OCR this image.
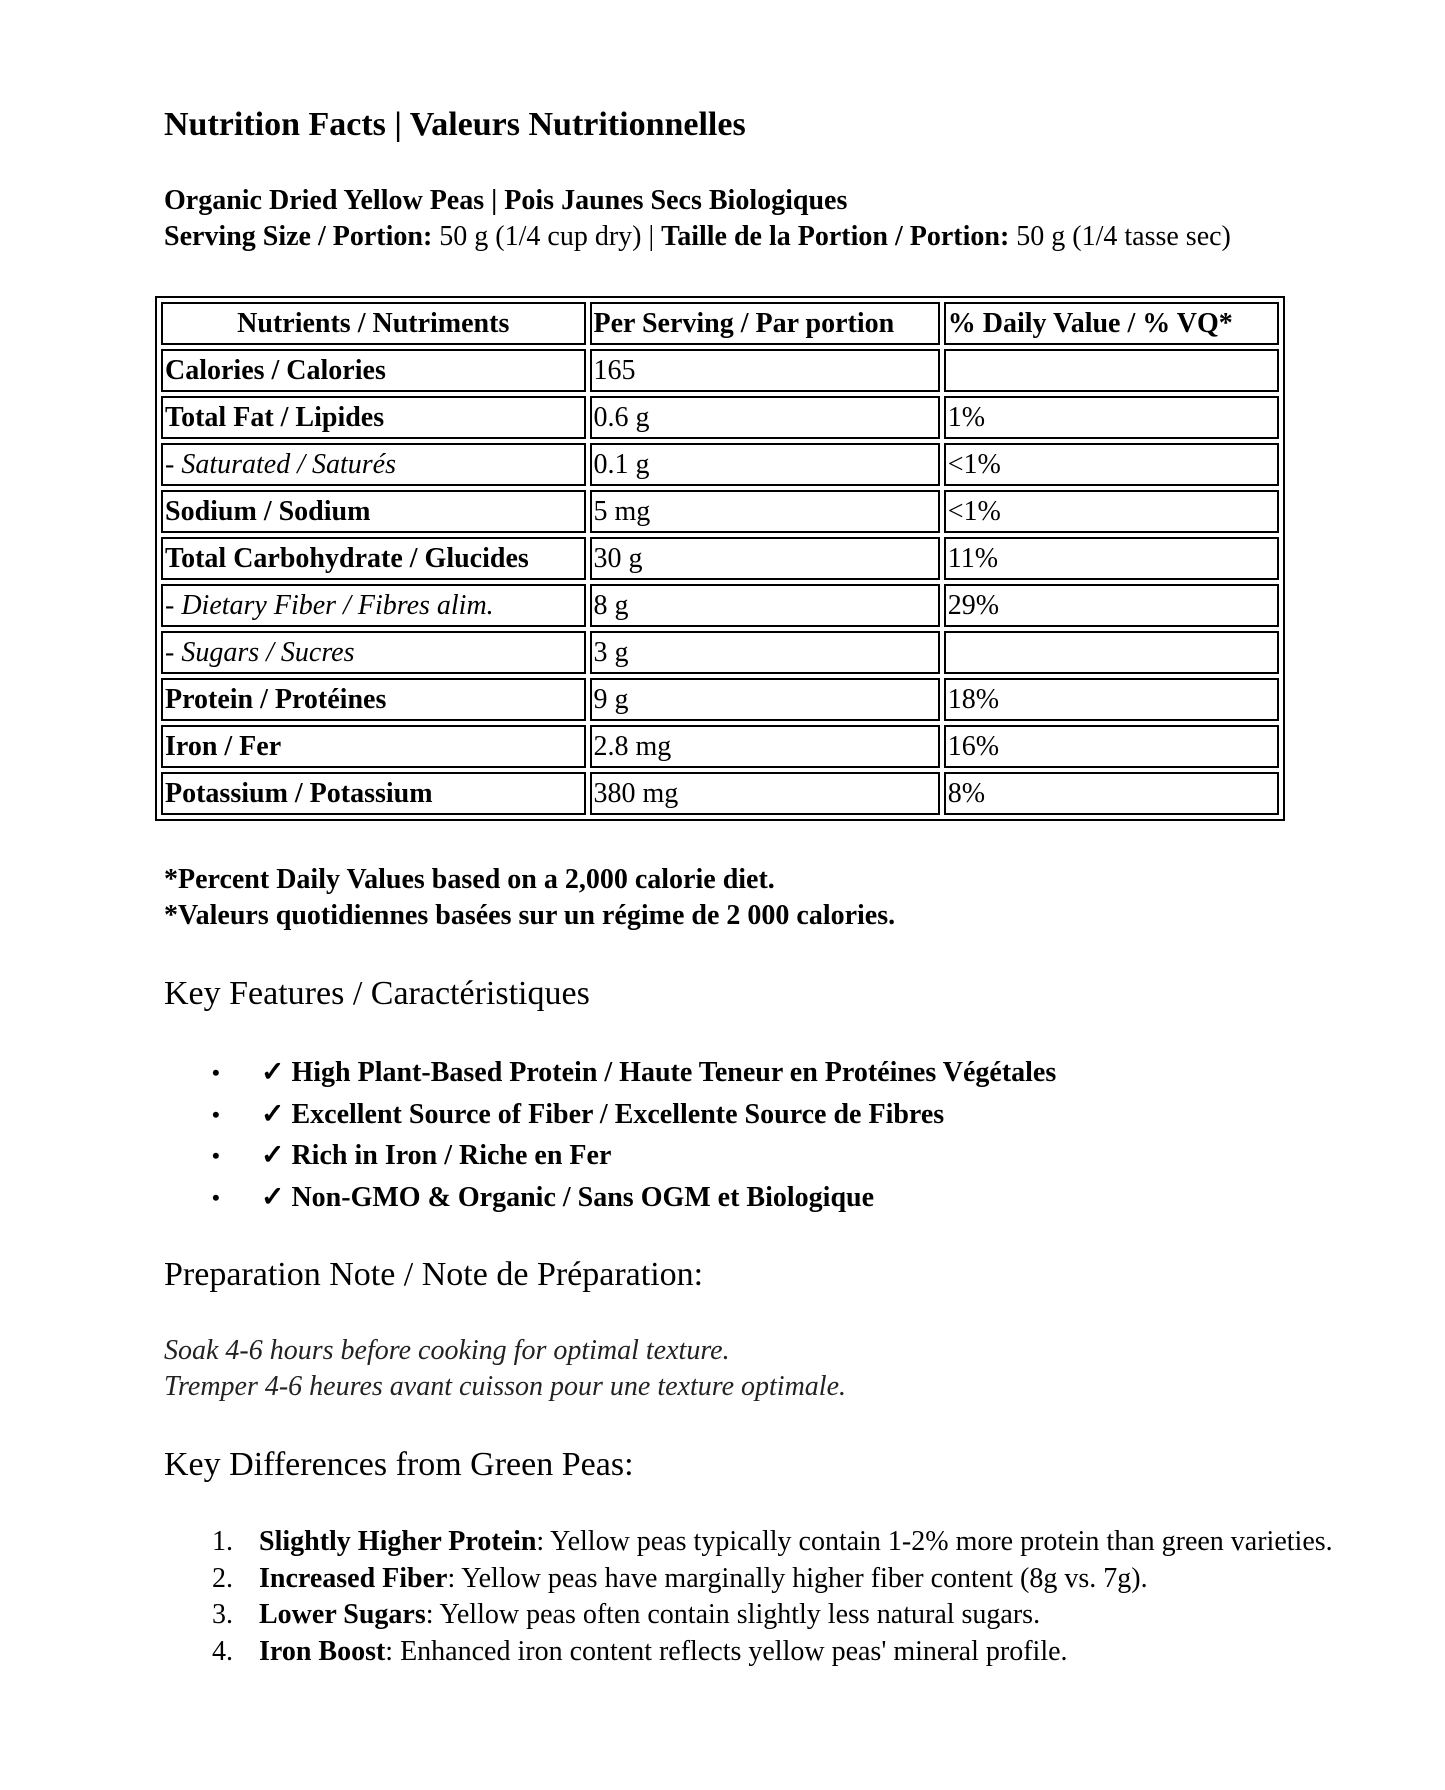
Nutrition Facts | Valeurs Nutritionnelles
Organic Dried Yellow Peas | Pois Jaunes Secs Biologiques
Serving Size / Portion: 50 g (1/4 cup dry) | Taille de la Portion / Portion: 50 g (1/4 tasse sec)
Nutrients / Nutriments	Per Serving / Par portion	% Daily Value / % VQ*
Calories / Calories	165	
Total Fat / Lipides	0.6 g	1%
- Saturated / Saturés	0.1 g	<1%
Sodium / Sodium	5 mg	<1%
Total Carbohydrate / Glucides	30 g	11%
- Dietary Fiber / Fibres alim.	8 g	29%
- Sugars / Sucres	3 g	
Protein / Protéines	9 g	18%
Iron / Fer	2.8 mg	16%
Potassium / Potassium	380 mg	8%
*Percent Daily Values based on a 2,000 calorie diet.
*Valeurs quotidiennes basées sur un régime de 2 000 calories.
Key Features / Caractéristiques
• ✓ High Plant-Based Protein / Haute Teneur en Protéines Végétales
• ✓ Excellent Source of Fiber / Excellente Source de Fibres
• ✓ Rich in Iron / Riche en Fer
• ✓ Non-GMO & Organic / Sans OGM et Biologique
Preparation Note / Note de Préparation:
Soak 4-6 hours before cooking for optimal texture.
Tremper 4-6 heures avant cuisson pour une texture optimale.
Key Differences from Green Peas:
1. Slightly Higher Protein: Yellow peas typically contain 1-2% more protein than green varieties.
2. Increased Fiber: Yellow peas have marginally higher fiber content (8g vs. 7g).
3. Lower Sugars: Yellow peas often contain slightly less natural sugars.
4. Iron Boost: Enhanced iron content reflects yellow peas' mineral profile.
